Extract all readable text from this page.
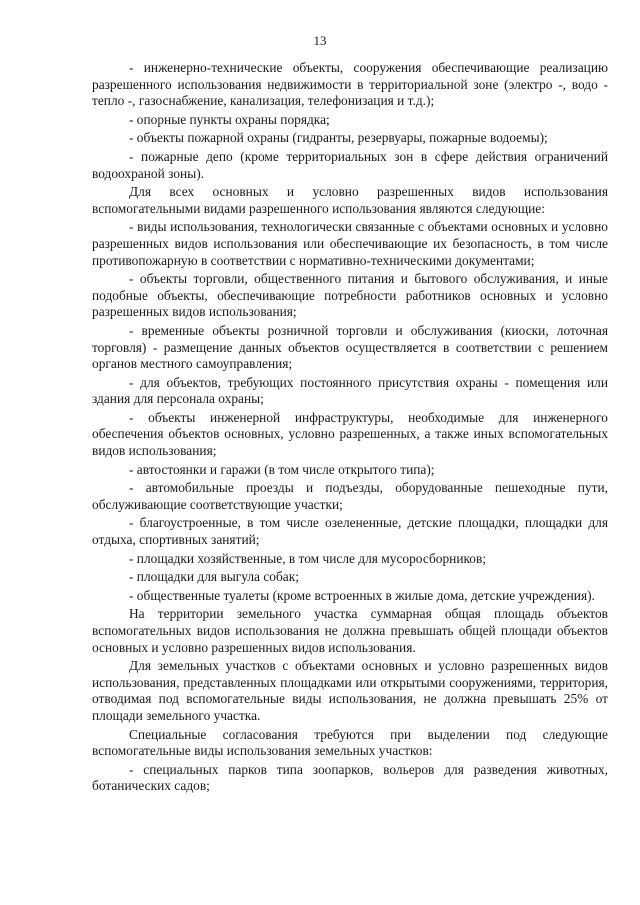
13

- инженерно-технические объекты, сооружения обеспечивающие реализацию разрешенного использования недвижимости в территориальной зоне (электро -, водо - тепло -, газоснабжение, канализация, телефонизация и т.д.);

- опорные пункты охраны порядка;

- объекты пожарной охраны (гидранты, резервуары, пожарные водоемы);

- пожарные депо (кроме территориальных зон в сфере действия ограничений водоохраной зоны).

Для всех основных и условно разрешенных видов использования вспомогательными видами разрешенного использования являются следующие:

- виды использования, технологически связанные с объектами основных и условно разрешенных видов использования или обеспечивающие их безопасность, в том числе противопожарную в соответствии с нормативно-техническими документами;

- объекты торговли, общественного питания и бытового обслуживания, и иные подобные объекты, обеспечивающие потребности работников основных и условно разрешенных видов использования;

- временные объекты розничной торговли и обслуживания (киоски, лоточная торговля) - размещение данных объектов осуществляется в соответствии с решением органов местного самоуправления;

- для объектов, требующих постоянного присутствия охраны - помещения или здания для персонала охраны;

- объекты инженерной инфраструктуры, необходимые для инженерного обеспечения объектов основных, условно разрешенных, а также иных вспомогательных видов использования;

- автостоянки и гаражи (в том числе открытого типа);

- автомобильные проезды и подъезды, оборудованные пешеходные пути, обслуживающие соответствующие участки;

- благоустроенные, в том числе озелененные, детские площадки, площадки для отдыха, спортивных занятий;

- площадки хозяйственные, в том числе для мусоросборников;

- площадки для выгула собак;

- общественные туалеты (кроме встроенных в жилые дома, детские учреждения).

На территории земельного участка суммарная общая площадь объектов вспомогательных видов использования не должна превышать общей площади объектов основных и условно разрешенных видов использования.

Для земельных участков с объектами основных и условно разрешенных видов использования, представленных площадками или открытыми сооружениями, территория, отводимая под вспомогательные виды использования, не должна превышать 25% от площади земельного участка.

Специальные согласования требуются при выделении под следующие вспомогательные виды использования земельных участков:

- специальных парков типа зоопарков, вольеров для разведения животных, ботанических садов;
